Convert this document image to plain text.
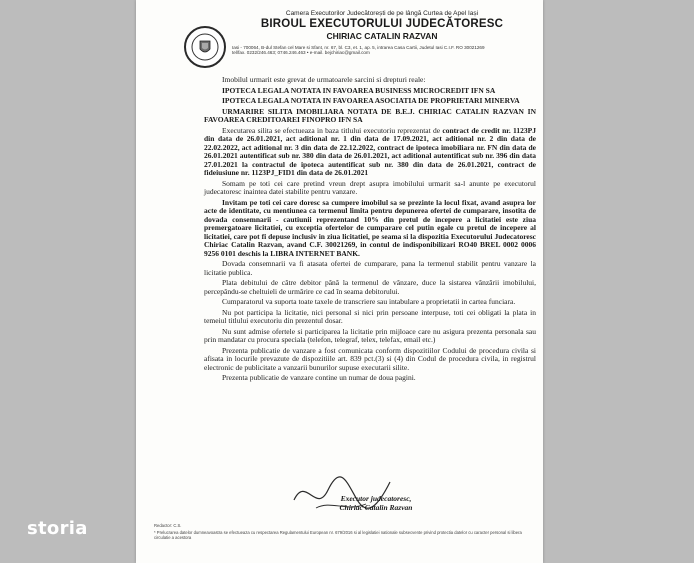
Camera Executorilor Judecătorești de pe lângă Curtea de Apel Iași
BIROUL EXECUTORULUI JUDECĂTORESC
CHIRIAC CATALIN RAZVAN
Iasi - 700064, B-dul Stefan cel Mare si Sfant, nr. 67, bl. C3, et. 1, ap. 5, intrarea Casa Cartii, Judetul Iasi C.I.F. RO 30021269
tel/fax. 0232/246.463; 0746.246.463 • e-mail. bejchiriac@gmail.com

Imobilul urmarit este grevat de urmatoarele sarcini si drepturi reale:

IPOTECA LEGALA NOTATA IN FAVOAREA BUSINESS MICROCREDIT IFN SA

IPOTECA LEGALA NOTATA IN FAVOAREA ASOCIATIA DE PROPRIETARI MINERVA

URMARIRE SILITA IMOBILIARA NOTATA DE B.E.J. CHIRIAC CATALIN RAZVAN IN FAVOAREA CREDITOAREI FINOPRO IFN SA

Executarea silita se efectueaza in baza titlului executoriu reprezentat de contract de credit nr. 1123PJ din data de 26.01.2021, act aditional nr. 1 din data de 17.09.2021, act aditional nr. 2 din data de 22.02.2022, act aditional nr. 3 din data de 22.12.2022, contract de ipoteca imobiliara nr. FN din data de 26.01.2021 autentificat sub nr. 380 din data de 26.01.2021, act aditional autentificat sub nr. 396 din data 27.01.2021 la contractul de ipoteca autentificat sub nr. 380 din data de 26.01.2021, contract de fideiusiune nr. 1123PJ_FID1 din data de 26.01.2021

Somam pe toti cei care pretind vreun drept asupra imobilului urmarit sa-l anunte pe executorul judecatoresc inaintea datei stabilite pentru vanzare.

Invitam pe toti cei care doresc sa cumpere imobilul sa se prezinte la locul fixat, avand asupra lor acte de identitate, cu mentiunea ca termenul limita pentru depunerea ofertei de cumparare, insotita de dovada consemnarii - cautiunii reprezentand 10% din pretul de incepere a licitatiei este ziua premergatoare licitatiei, cu exceptia ofertelor de cumparare cel putin egale cu pretul de incepere al licitatiei, care pot fi depuse inclusiv in ziua licitatiei, pe seama si la dispozitia Executorului Judecatoresc Chiriac Catalin Razvan, avand C.F. 30021269, in contul de indisponibilizari RO40 BREL 0002 0006 9256 0101 deschis la LIBRA INTERNET BANK.

Dovada consemnarii va fi atasata ofertei de cumparare, pana la termenul stabilit pentru vanzare la licitatie publica.

Plata debitului de către debitor până la termenul de vânzare, duce la sistarea vânzării imobilului, percepându-se cheltuieli de urmărire ce cad în seama debitorului.

Cumparatorul va suporta toate taxele de transcriere sau intabulare a proprietatii in cartea funciara.

Nu pot participa la licitatie, nici personal si nici prin persoane interpuse, toti cei obligati la plata in temeiul titlului executoriu din prezentul dosar.

Nu sunt admise ofertele si participarea la licitatie prin mijloace care nu asigura prezenta personala sau prin mandatar cu procura speciala (telefon, telegraf, telex, telefax, email etc.)

Prezenta publicatie de vanzare a fost comunicata conform dispozitiilor Codului de procedura civila si afisata in locurile prevazute de dispozitiile art. 839 pct.(3) si (4) din Codul de procedura civila, in registrul electronic de publicitate a vanzarii bunurilor supuse executarii silite.

Prezenta publicatie de vanzare contine un numar de doua pagini.

Executor judecatoresc,
Chiriac Catalin Razvan
Redactor: C.S.
* Prelucrarea datelor dumneavoastra se efectueaza cu respectarea Regulamentului European nr. 679/2016 si al legislatiei nationale subsecvente privind protectia datelor cu caracter personal si libera circulatie a acestora
storia
